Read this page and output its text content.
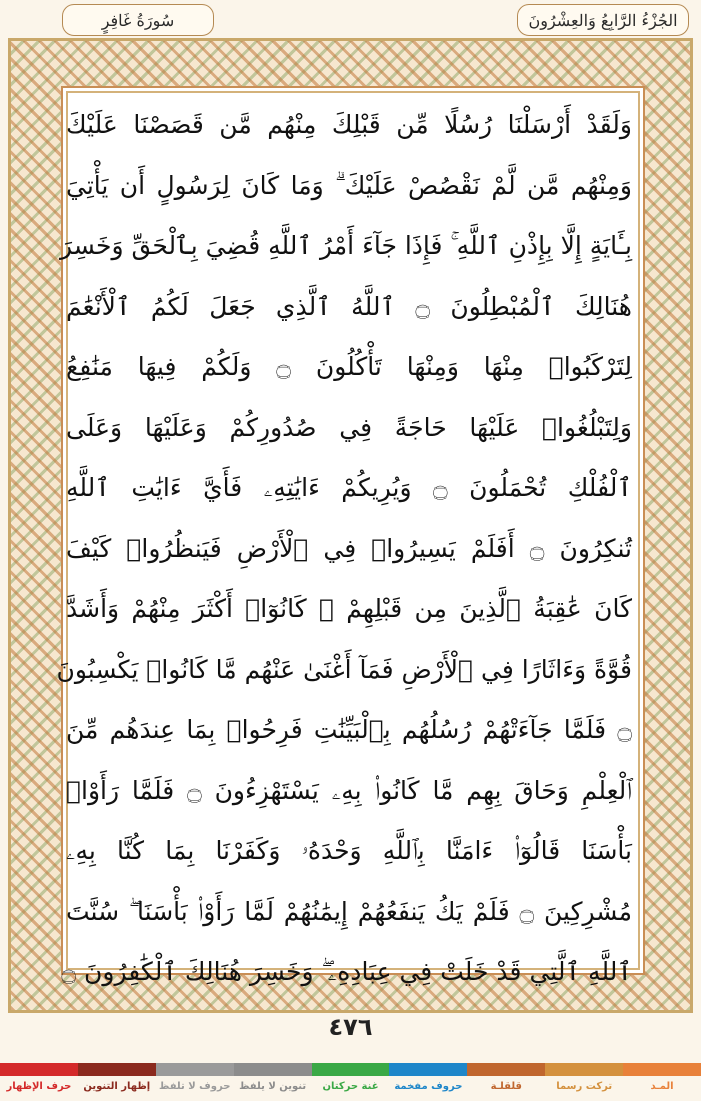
الجُزْءُ الرَّابِعُ وَالعِشْرُونَ
سُورَةُ غَافِرٍ
وَلَقَدْ أَرْسَلْنَا رُسُلًا مِّن قَبْلِكَ مِنْهُم مَّن قَصَصْنَا عَلَيْكَ
وَمِنْهُم مَّن لَّمْ نَقْصُصْ عَلَيْكَ ۗ وَمَا كَانَ لِرَسُولٍ أَن يَأْتِيَ
بِـَٔايَةٍ إِلَّا بِإِذْنِ ٱللَّهِ ۚ فَإِذَا جَآءَ أَمْرُ ٱللَّهِ قُضِيَ بِٱلْحَقِّ وَخَسِرَ
هُنَالِكَ ٱلْمُبْطِلُونَ ۝ ٱللَّهُ ٱلَّذِي جَعَلَ لَكُمُ ٱلْأَنْعَٰمَ
لِتَرْكَبُوا۟ مِنْهَا وَمِنْهَا تَأْكُلُونَ ۝ وَلَكُمْ فِيهَا مَنَٰفِعُ
وَلِتَبْلُغُوا۟ عَلَيْهَا حَاجَةً فِي صُدُورِكُمْ وَعَلَيْهَا وَعَلَى
ٱلْفُلْكِ تُحْمَلُونَ ۝ وَيُرِيكُمْ ءَايَٰتِهِۦ فَأَيَّ ءَايَٰتِ ٱللَّهِ
تُنكِرُونَ ۝ أَفَلَمْ يَسِيرُوا۟ فِي ٱلْأَرْضِ فَيَنظُرُوا۟ كَيْفَ
كَانَ عَٰقِبَةُ ٱلَّذِينَ مِن قَبْلِهِمْ ۚ كَانُوٓا۟ أَكْثَرَ مِنْهُمْ وَأَشَدَّ
قُوَّةً وَءَاثَارًا فِي ٱلْأَرْضِ فَمَآ أَغْنَىٰ عَنْهُم مَّا كَانُوا۟ يَكْسِبُونَ
۝ فَلَمَّا جَآءَتْهُمْ رُسُلُهُم بِٱلْبَيِّنَٰتِ فَرِحُوا۟ بِمَا عِندَهُم مِّنَ
ٱلْعِلْمِ وَحَاقَ بِهِم مَّا كَانُوا۟ بِهِۦ يَسْتَهْزِءُونَ ۝ فَلَمَّا رَأَوْا۟
بَأْسَنَا قَالُوٓا۟ ءَامَنَّا بِٱللَّهِ وَحْدَهُۥ وَكَفَرْنَا بِمَا كُنَّا بِهِۦ
مُشْرِكِينَ ۝ فَلَمْ يَكُ يَنفَعُهُمْ إِيمَٰنُهُمْ لَمَّا رَأَوْا۟ بَأْسَنَا ۖ سُنَّتَ
ٱللَّهِ ٱلَّتِي قَدْ خَلَتْ فِي عِبَادِهِۦ ۖ وَخَسِرَ هُنَالِكَ ٱلْكَٰفِرُونَ ۝
٤٧٦
المـد
تركت رسما
قلقلـة
حروف مفخمة
غنة حركتان
تنوين لا يلفظ
حروف لا تلفظ
إظهار التنوين
حرف الإظهار
